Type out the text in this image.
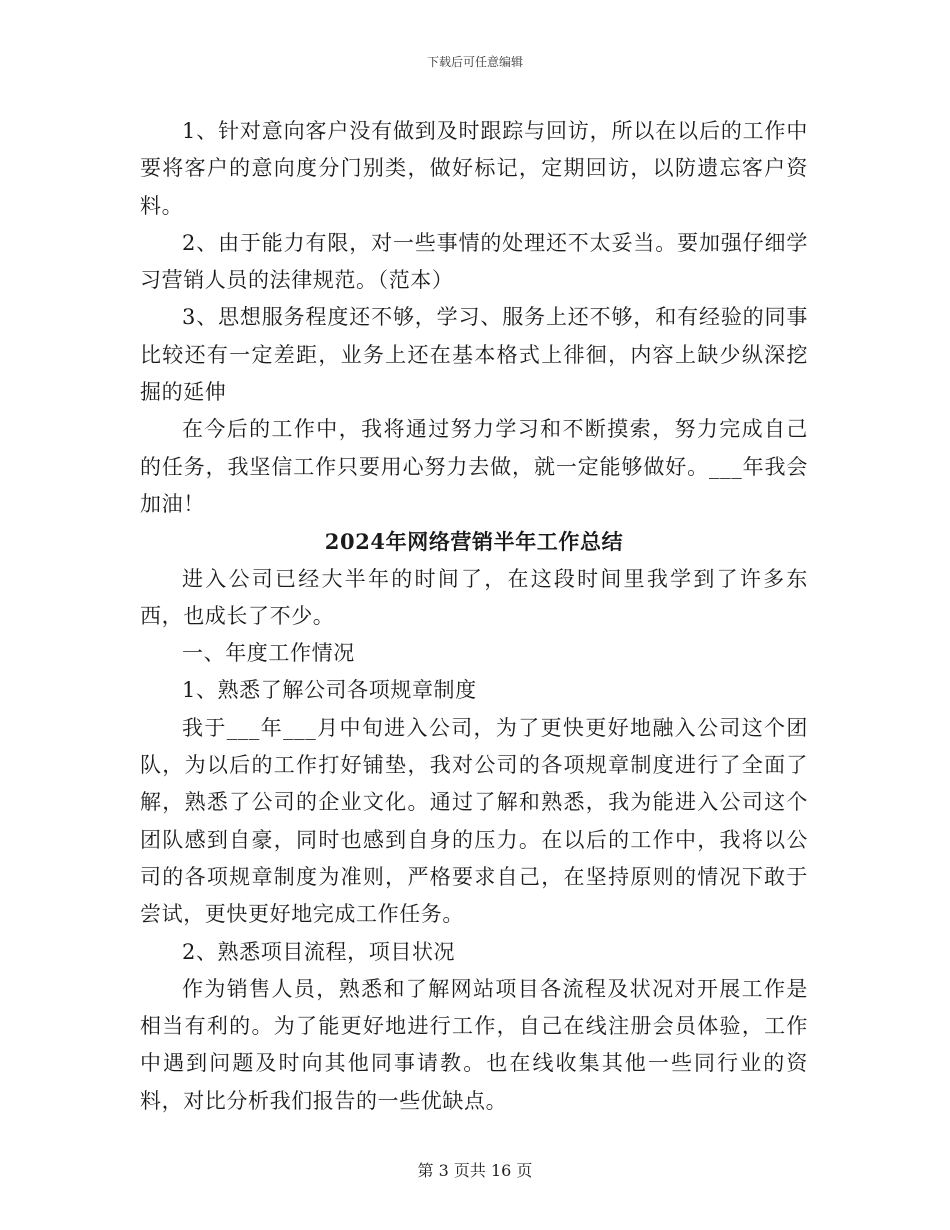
下载后可任意编辑

1、针对意向客户没有做到及时跟踪与回访，所以在以后的工作中要将客户的意向度分门别类，做好标记，定期回访，以防遗忘客户资料。

2、由于能力有限，对一些事情的处理还不太妥当。要加强仔细学习营销人员的法律规范。（范本）

3、思想服务程度还不够，学习、服务上还不够，和有经验的同事比较还有一定差距，业务上还在基本格式上徘徊，内容上缺少纵深挖掘的延伸

在今后的工作中，我将通过努力学习和不断摸索，努力完成自己的任务，我坚信工作只要用心努力去做，就一定能够做好。___年我会加油！

2024年网络营销半年工作总结

进入公司已经大半年的时间了，在这段时间里我学到了许多东西，也成长了不少。

一、年度工作情况

1、熟悉了解公司各项规章制度

我于___年___月中旬进入公司，为了更快更好地融入公司这个团队，为以后的工作打好铺垫，我对公司的各项规章制度进行了全面了解，熟悉了公司的企业文化。通过了解和熟悉，我为能进入公司这个团队感到自豪，同时也感到自身的压力。在以后的工作中，我将以公司的各项规章制度为准则，严格要求自己，在坚持原则的情况下敢于尝试，更快更好地完成工作任务。

2、熟悉项目流程，项目状况

作为销售人员，熟悉和了解网站项目各流程及状况对开展工作是相当有利的。为了能更好地进行工作，自己在线注册会员体验，工作中遇到问题及时向其他同事请教。也在线收集其他一些同行业的资料，对比分析我们报告的一些优缺点。

第 3 页共 16 页
